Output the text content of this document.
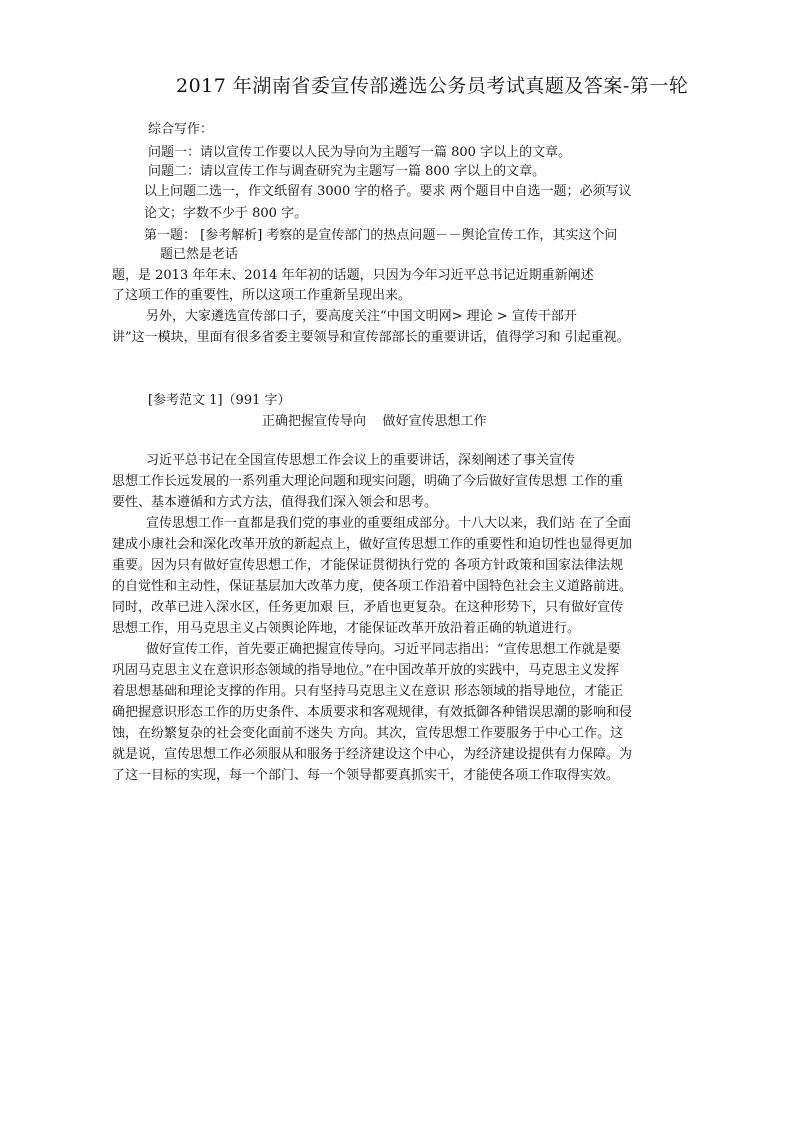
2017 年湖南省委宣传部遴选公务员考试真题及答案-第一轮
综合写作：
问题一：请以宣传工作要以人民为导向为主题写一篇 800 字以上的文章。
问题二：请以宣传工作与调查研究为主题写一篇 800 字以上的文章。
以上问题二选一，作文纸留有 3000 字的格子。要求 两个题目中自选一题；必须写议
论文；字数不少于 800 字。
第一题： [参考解析] 考察的是宣传部门的热点问题－－舆论宣传工作，其实这个问
题已然是老话
题，是 2013 年年末、2014 年年初的话题，只因为今年习近平总书记近期重新阐述
了这项工作的重要性，所以这项工作重新呈现出来。
另外，大家遴选宣传部口子，要高度关注“中国文明网> 理论 > 宣传干部开
讲”这一模块，里面有很多省委主要领导和宣传部部长的重要讲话，值得学习和 引起重视。
[参考范文 1]（991 字）
正确把握宣传导向    做好宣传思想工作
习近平总书记在全国宣传思想工作会议上的重要讲话，深刻阐述了事关宣传
思想工作长远发展的一系列重大理论问题和现实问题，明确了今后做好宣传思想 工作的重
要性、基本遵循和方式方法，值得我们深入领会和思考。
宣传思想工作一直都是我们党的事业的重要组成部分。十八大以来，我们站 在了全面
建成小康社会和深化改革开放的新起点上，做好宣传思想工作的重要性和迫切性也显得更加
重要。因为只有做好宣传思想工作，才能保证贯彻执行党的 各项方针政策和国家法律法规
的自觉性和主动性，保证基层加大改革力度，使各项工作沿着中国特色社会主义道路前进。
同时，改革已进入深水区，任务更加艰 巨，矛盾也更复杂。在这种形势下，只有做好宣传
思想工作，用马克思主义占领舆论阵地，才能保证改革开放沿着正确的轨道进行。
做好宣传工作，首先要正确把握宣传导向。习近平同志指出：“宣传思想工作就是要
巩固马克思主义在意识形态领域的指导地位。”在中国改革开放的实践中，马克思主义发挥
着思想基础和理论支撑的作用。只有坚持马克思主义在意识 形态领域的指导地位，才能正
确把握意识形态工作的历史条件、本质要求和客观规律，有效抵御各种错误思潮的影响和侵
蚀，在纷繁复杂的社会变化面前不迷失 方向。其次，宣传思想工作要服务于中心工作。这
就是说，宣传思想工作必须服从和服务于经济建设这个中心，为经济建设提供有力保障。为
了这一目标的实现，每一个部门、每一个领导都要真抓实干，才能使各项工作取得实效。
